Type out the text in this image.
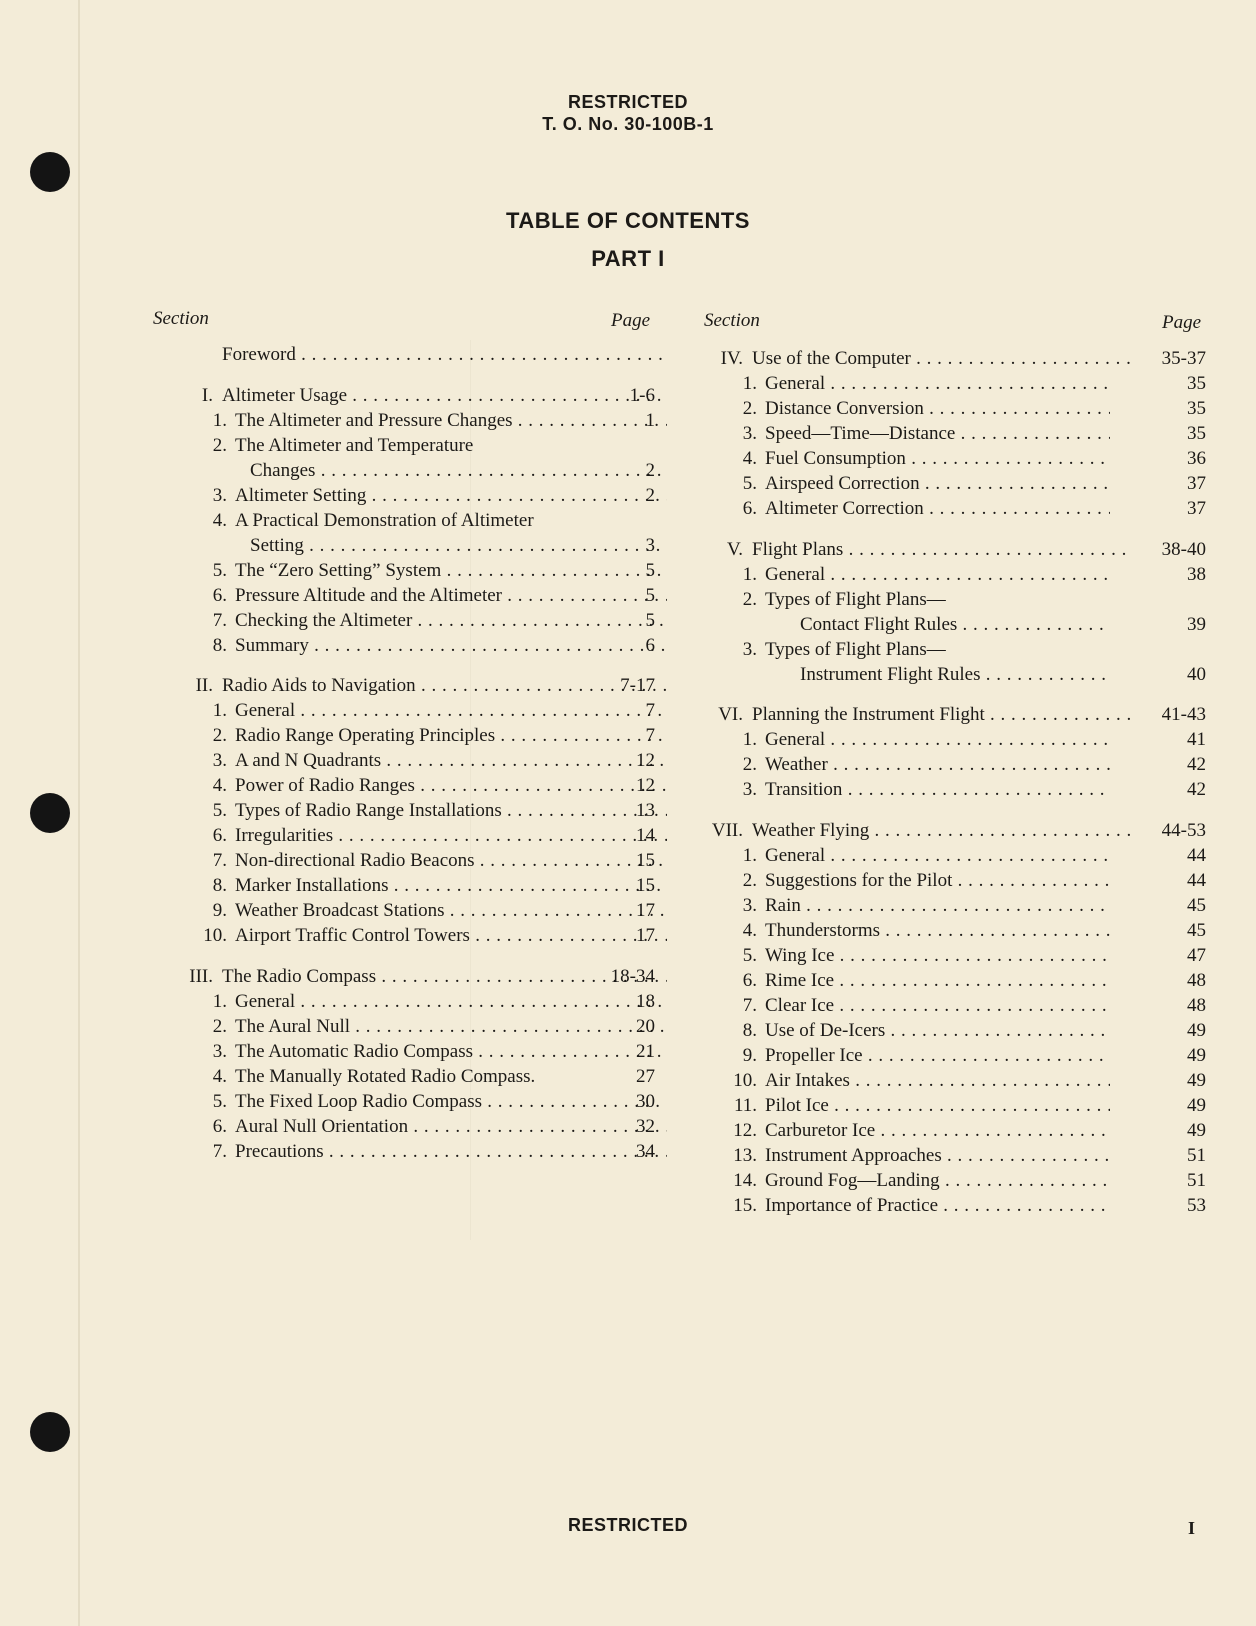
RESTRICTED
T. O. No. 30-100B-1
TABLE OF CONTENTS
PART I
Section	Page	Section	Page
Foreword . . .
I. Altimeter Usage . . .	1-6
1. The Altimeter and Pressure Changes . . .	1
2. The Altimeter and Temperature
Changes . . .	2
3. Altimeter Setting . . .	2
4. A Practical Demonstration of Altimeter
Setting . . .	3
5. The “Zero Setting” System . . .	5
6. Pressure Altitude and the Altimeter . . .	5
7. Checking the Altimeter . . .	5
8. Summary . . .	6
II. Radio Aids to Navigation . . .	7-17
1. General . . .	7
2. Radio Range Operating Principles . . .	7
3. A and N Quadrants . . .	12
4. Power of Radio Ranges . . .	12
5. Types of Radio Range Installations . . .	13
6. Irregularities . . .	14
7. Non-directional Radio Beacons . . .	15
8. Marker Installations . . .	15
9. Weather Broadcast Stations . . .	17
10. Airport Traffic Control Towers . . .	17
III. The Radio Compass . . .	18-34
1. General . . .	18
2. The Aural Null . . .	20
3. The Automatic Radio Compass . . .	21
4. The Manually Rotated Radio Compass.	27
5. The Fixed Loop Radio Compass . . .	30
6. Aural Null Orientation . . .	32
7. Precautions . . .	34
IV. Use of the Computer . . .	35-37
1. General . . .	35
2. Distance Conversion . . .	35
3. Speed—Time—Distance . . .	35
4. Fuel Consumption . . .	36
5. Airspeed Correction . . .	37
6. Altimeter Correction . . .	37
V. Flight Plans . . .	38-40
1. General . . .	38
2. Types of Flight Plans—
Contact Flight Rules . . .	39
3. Types of Flight Plans—
Instrument Flight Rules . . .	40
VI. Planning the Instrument Flight . . .	41-43
1. General . . .	41
2. Weather . . .	42
3. Transition . . .	42
VII. Weather Flying . . .	44-53
1. General . . .	44
2. Suggestions for the Pilot . . .	44
3. Rain . . .	45
4. Thunderstorms . . .	45
5. Wing Ice . . .	47
6. Rime Ice . . .	48
7. Clear Ice . . .	48
8. Use of De-Icers . . .	49
9. Propeller Ice . . .	49
10. Air Intakes . . .	49
11. Pilot Ice . . .	49
12. Carburetor Ice . . .	49
13. Instrument Approaches . . .	51
14. Ground Fog—Landing . . .	51
15. Importance of Practice . . .	53
RESTRICTED	I
